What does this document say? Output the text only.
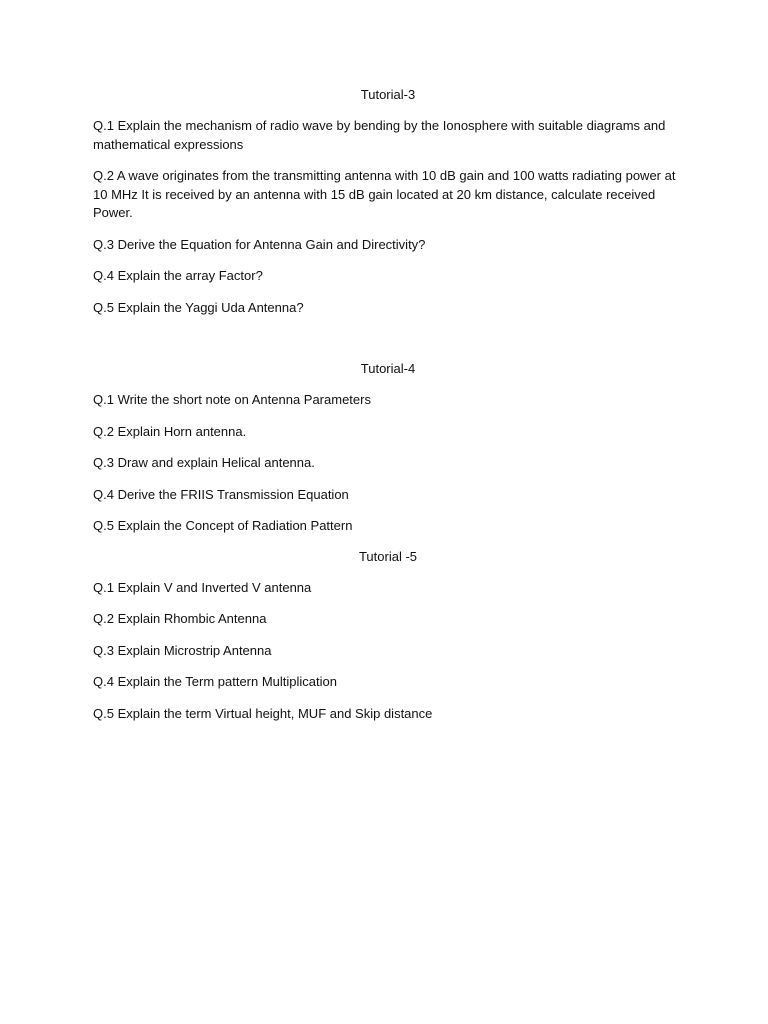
Tutorial-3
Q.1 Explain the mechanism of radio wave by bending by the Ionosphere with suitable diagrams and mathematical expressions
Q.2 A wave originates from the transmitting antenna with 10 dB gain and 100 watts radiating power at 10 MHz It is received by an antenna with 15 dB gain located at 20 km distance, calculate received Power.
Q.3 Derive the Equation for Antenna Gain and Directivity?
Q.4 Explain the array Factor?
Q.5 Explain the Yaggi Uda Antenna?
Tutorial-4
Q.1 Write the short note on Antenna Parameters
Q.2 Explain Horn antenna.
Q.3 Draw and explain Helical antenna.
Q.4 Derive the FRIIS Transmission Equation
Q.5 Explain the Concept of Radiation Pattern
Tutorial -5
Q.1 Explain V and Inverted V antenna
Q.2 Explain Rhombic Antenna
Q.3 Explain Microstrip Antenna
Q.4 Explain the Term pattern Multiplication
Q.5 Explain the term Virtual height, MUF and Skip distance
